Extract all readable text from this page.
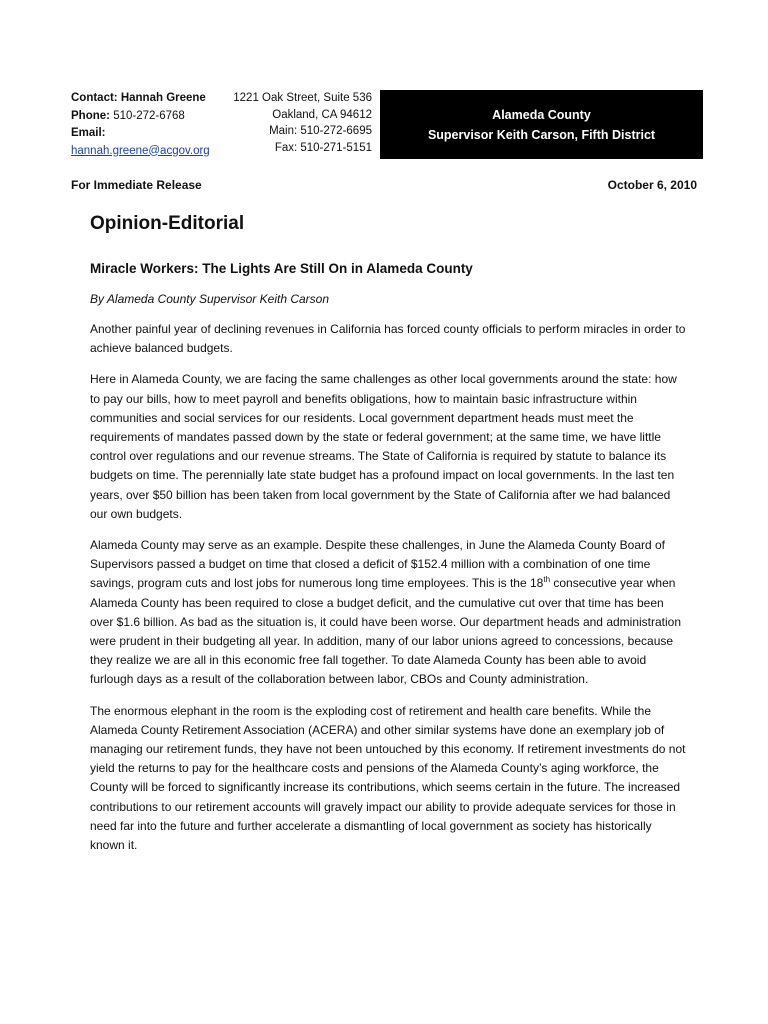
Contact: Hannah Greene
Phone: 510-272-6768
Email:
hannah.greene@acgov.org
1221 Oak Street, Suite 536
Oakland, CA 94612
Main: 510-272-6695
Fax: 510-271-5151
Alameda County
Supervisor Keith Carson, Fifth District
For Immediate Release	October 6, 2010
Opinion-Editorial
Miracle Workers: The Lights Are Still On in Alameda County
By Alameda County Supervisor Keith Carson

Another painful year of declining revenues in California has forced county officials to perform miracles in order to achieve balanced budgets.

Here in Alameda County, we are facing the same challenges as other local governments around the state: how to pay our bills, how to meet payroll and benefits obligations, how to maintain basic infrastructure within communities and social services for our residents. Local government department heads must meet the requirements of mandates passed down by the state or federal government; at the same time, we have little control over regulations and our revenue streams. The State of California is required by statute to balance its budgets on time. The perennially late state budget has a profound impact on local governments. In the last ten years, over $50 billion has been taken from local government by the State of California after we had balanced our own budgets.

Alameda County may serve as an example. Despite these challenges, in June the Alameda County Board of Supervisors passed a budget on time that closed a deficit of $152.4 million with a combination of one time savings, program cuts and lost jobs for numerous long time employees. This is the 18th consecutive year when Alameda County has been required to close a budget deficit, and the cumulative cut over that time has been over $1.6 billion. As bad as the situation is, it could have been worse. Our department heads and administration were prudent in their budgeting all year. In addition, many of our labor unions agreed to concessions, because they realize we are all in this economic free fall together. To date Alameda County has been able to avoid furlough days as a result of the collaboration between labor, CBOs and County administration.

The enormous elephant in the room is the exploding cost of retirement and health care benefits. While the Alameda County Retirement Association (ACERA) and other similar systems have done an exemplary job of managing our retirement funds, they have not been untouched by this economy. If retirement investments do not yield the returns to pay for the healthcare costs and pensions of the Alameda County’s aging workforce, the County will be forced to significantly increase its contributions, which seems certain in the future. The increased contributions to our retirement accounts will gravely impact our ability to provide adequate services for those in need far into the future and further accelerate a dismantling of local government as society has historically known it.
